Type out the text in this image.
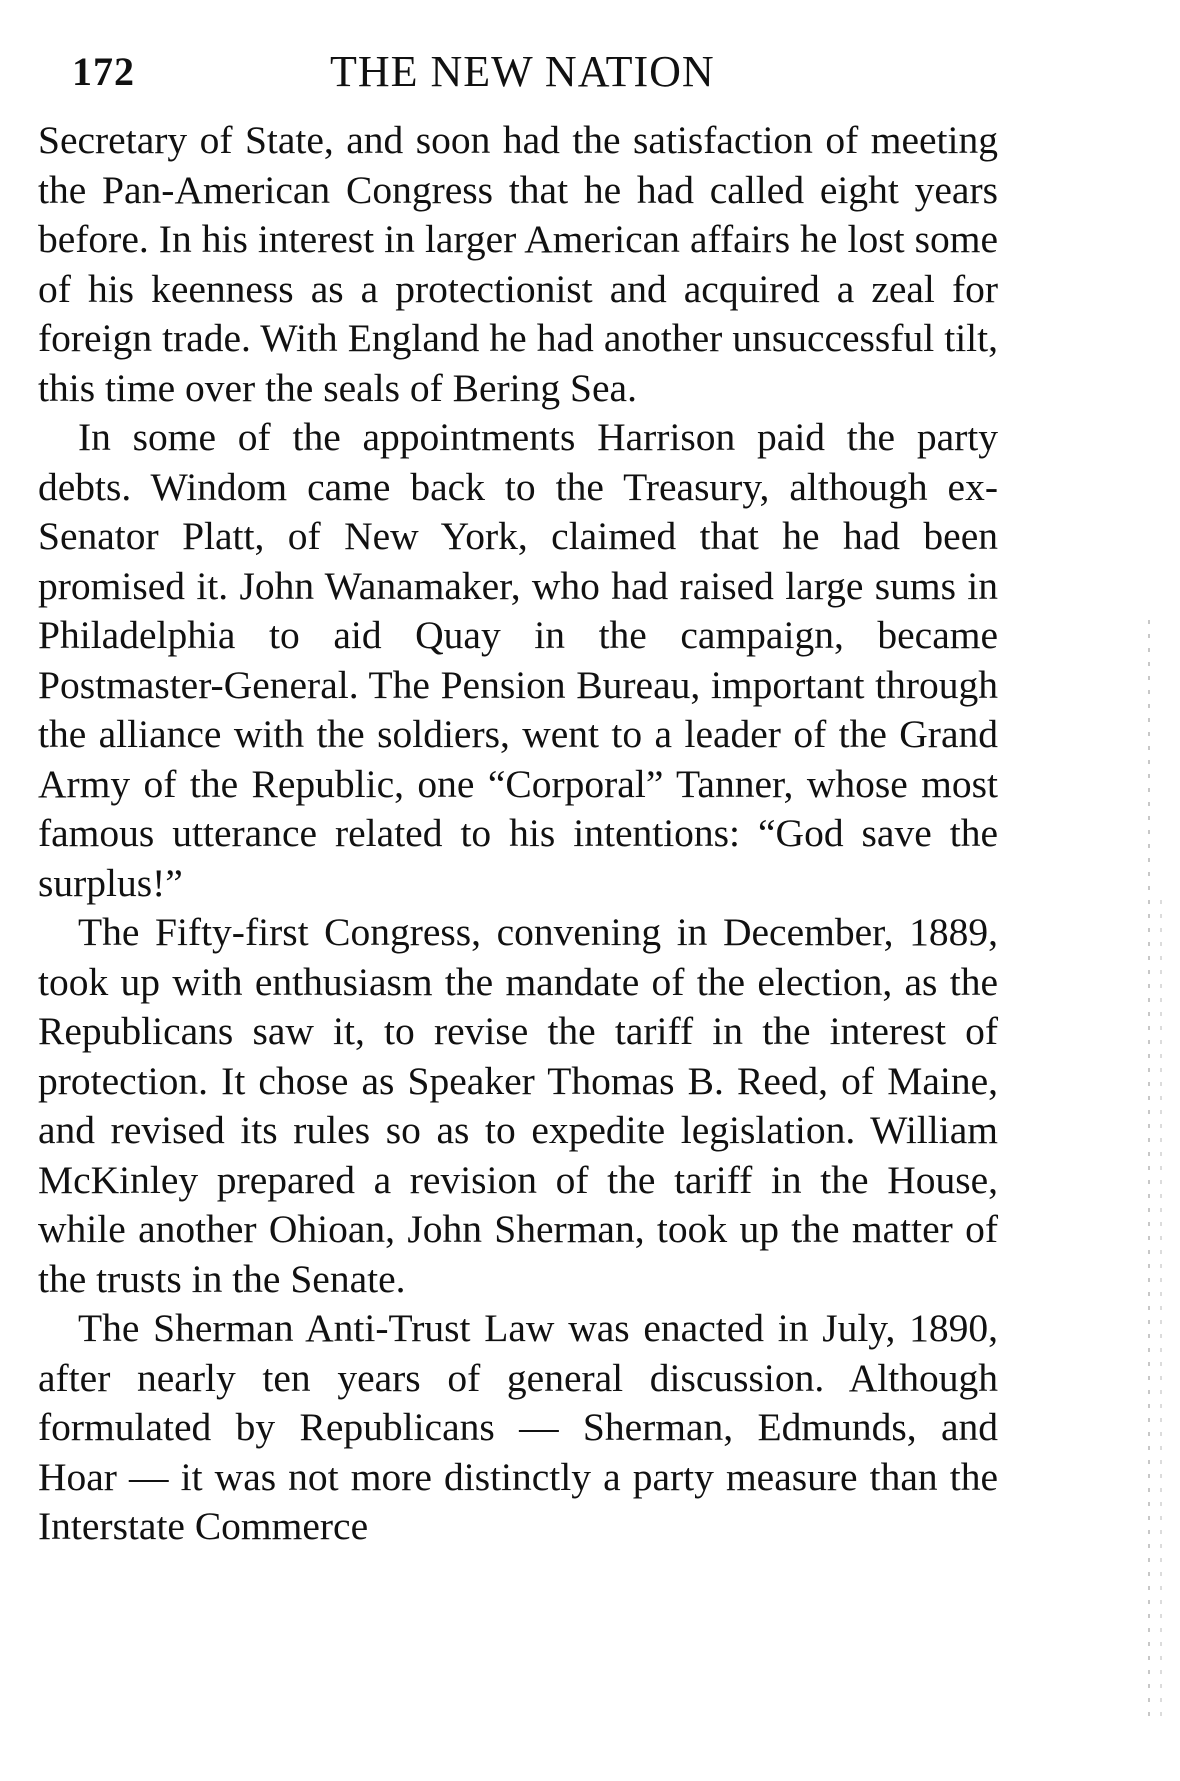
172	THE NEW NATION

Secretary of State, and soon had the satisfaction of meeting the Pan-American Congress that he had called eight years before. In his interest in larger American affairs he lost some of his keenness as a protectionist and acquired a zeal for foreign trade. With England he had another unsuccessful tilt, this time over the seals of Bering Sea.

In some of the appointments Harrison paid the party debts. Windom came back to the Treasury, although ex-Senator Platt, of New York, claimed that he had been promised it. John Wanamaker, who had raised large sums in Philadelphia to aid Quay in the campaign, became Postmaster-General. The Pension Bureau, important through the alliance with the soldiers, went to a leader of the Grand Army of the Republic, one “Corporal” Tanner, whose most famous utterance related to his intentions: “God save the surplus!”

The Fifty-first Congress, convening in December, 1889, took up with enthusiasm the mandate of the election, as the Republicans saw it, to revise the tariff in the interest of protection. It chose as Speaker Thomas B. Reed, of Maine, and revised its rules so as to expedite legislation. William McKinley prepared a revision of the tariff in the House, while another Ohioan, John Sherman, took up the matter of the trusts in the Senate.

The Sherman Anti-Trust Law was enacted in July, 1890, after nearly ten years of general discussion. Although formulated by Republicans — Sherman, Edmunds, and Hoar — it was not more distinctly a party measure than the Interstate Commerce
